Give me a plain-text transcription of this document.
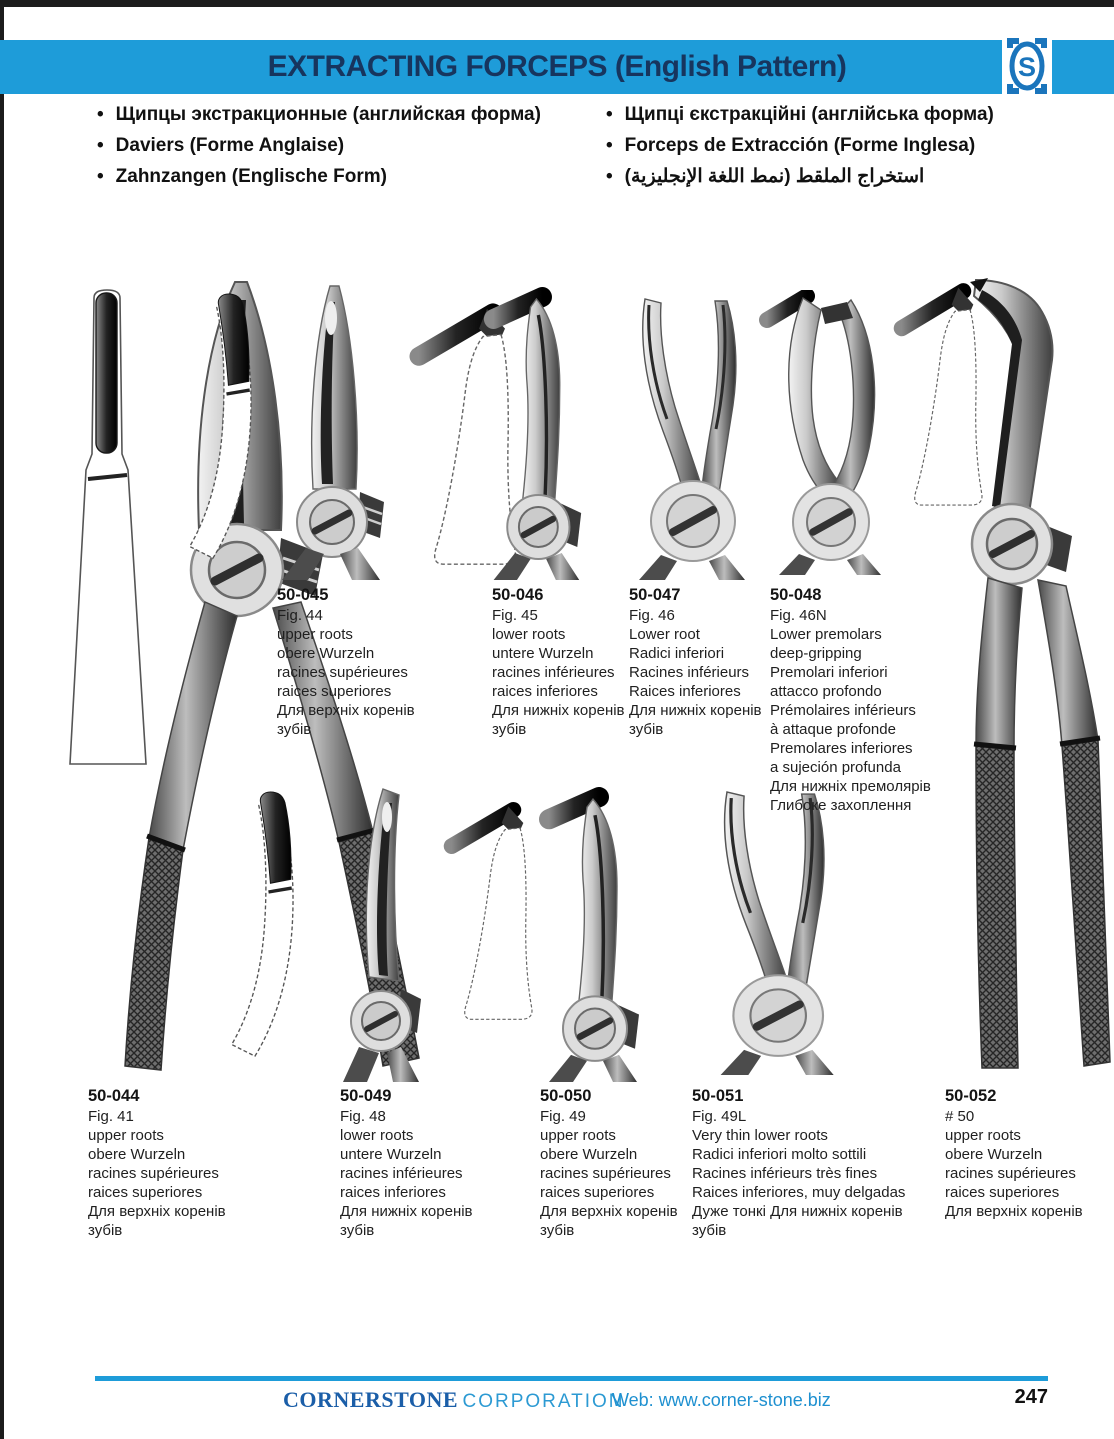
EXTRACTING FORCEPS (English Pattern)	S
• Щипцы экстракционные (английская форма)
• Daviers (Forme Anglaise)
• Zahnzangen (Englische Form)
• Щипці єкстракційні (англійська форма)
• Forceps de Extracción (Forme Inglesa)
• استخراج الملقط (نمط اللغة الإنجليزية)
50-045
Fig. 44
upper roots
obere Wurzeln
racines supérieures
raices superiores
Для верхніх коренів
зубів
50-046
Fig. 45
lower roots
untere Wurzeln
racines inférieures
raices inferiores
Для нижніх коренів
зубів
50-047
Fig. 46
Lower root
Radici inferiori
Racines inférieurs
Raices inferiores
Для нижніх коренів
зубів
50-048
Fig. 46N
Lower premolars
deep-gripping
Premolari inferiori
attacco profondo
Prémolaires inférieurs
à attaque profonde
Premolares inferiores
a sujeción profunda
Для нижніх премолярів
Глибоке захоплення
50-044
Fig. 41
upper roots
obere Wurzeln
racines supérieures
raices superiores
Для верхніх коренів
зубів
50-049
Fig. 48
lower roots
untere Wurzeln
racines inférieures
raices inferiores
Для нижніх коренів
зубів
50-050
Fig. 49
upper roots
obere Wurzeln
racines supérieures
raices superiores
Для верхніх коренів
зубів
50-051
Fig. 49L
Very thin lower roots
Radici inferiori molto sottili
Racines inférieurs très fines
Raices inferiores, muy delgadas
Дуже тонкі Для нижніх коренів
зубів
50-052
# 50
upper roots
obere Wurzeln
racines supérieures
raices superiores
Для верхніх коренів
CORNERSTONE CORPORATION
Web: www.corner-stone.biz	247
